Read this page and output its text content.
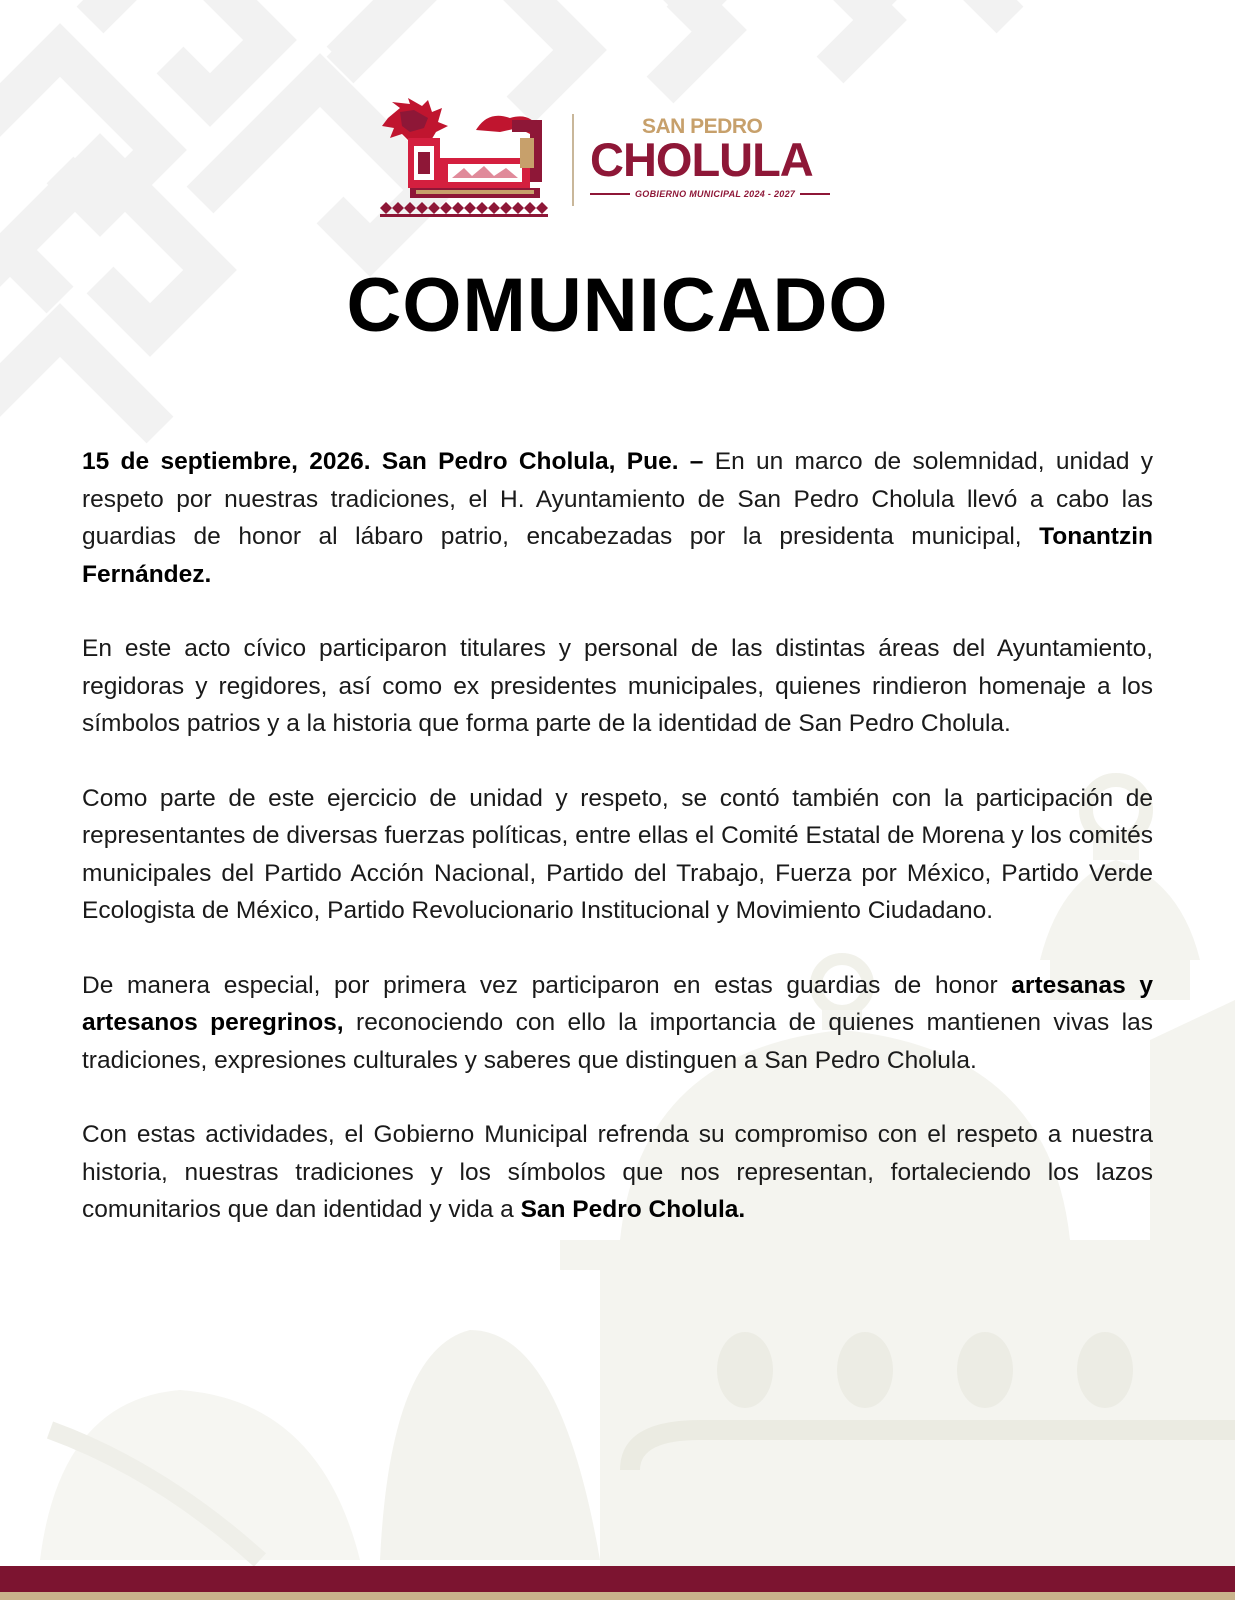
SAN PEDRO
CHOLULA
GOBIERNO MUNICIPAL 2024 - 2027
COMUNICADO

15 de septiembre, 2026. San Pedro Cholula, Pue. – En un marco de solemnidad, unidad y respeto por nuestras tradiciones, el H. Ayuntamiento de San Pedro Cholula llevó a cabo las guardias de honor al lábaro patrio, encabezadas por la presidenta municipal, Tonantzin Fernández.

En este acto cívico participaron titulares y personal de las distintas áreas del Ayuntamiento, regidoras y regidores, así como ex presidentes municipales, quienes rindieron homenaje a los símbolos patrios y a la historia que forma parte de la identidad de San Pedro Cholula.

Como parte de este ejercicio de unidad y respeto, se contó también con la participación de representantes de diversas fuerzas políticas, entre ellas el Comité Estatal de Morena y los comités municipales del Partido Acción Nacional, Partido del Trabajo, Fuerza por México, Partido Verde Ecologista de México, Partido Revolucionario Institucional y Movimiento Ciudadano.

De manera especial, por primera vez participaron en estas guardias de honor artesanas y artesanos peregrinos, reconociendo con ello la importancia de quienes mantienen vivas las tradiciones, expresiones culturales y saberes que distinguen a San Pedro Cholula.

Con estas actividades, el Gobierno Municipal refrenda su compromiso con el respeto a nuestra historia, nuestras tradiciones y los símbolos que nos representan, fortaleciendo los lazos comunitarios que dan identidad y vida a San Pedro Cholula.
